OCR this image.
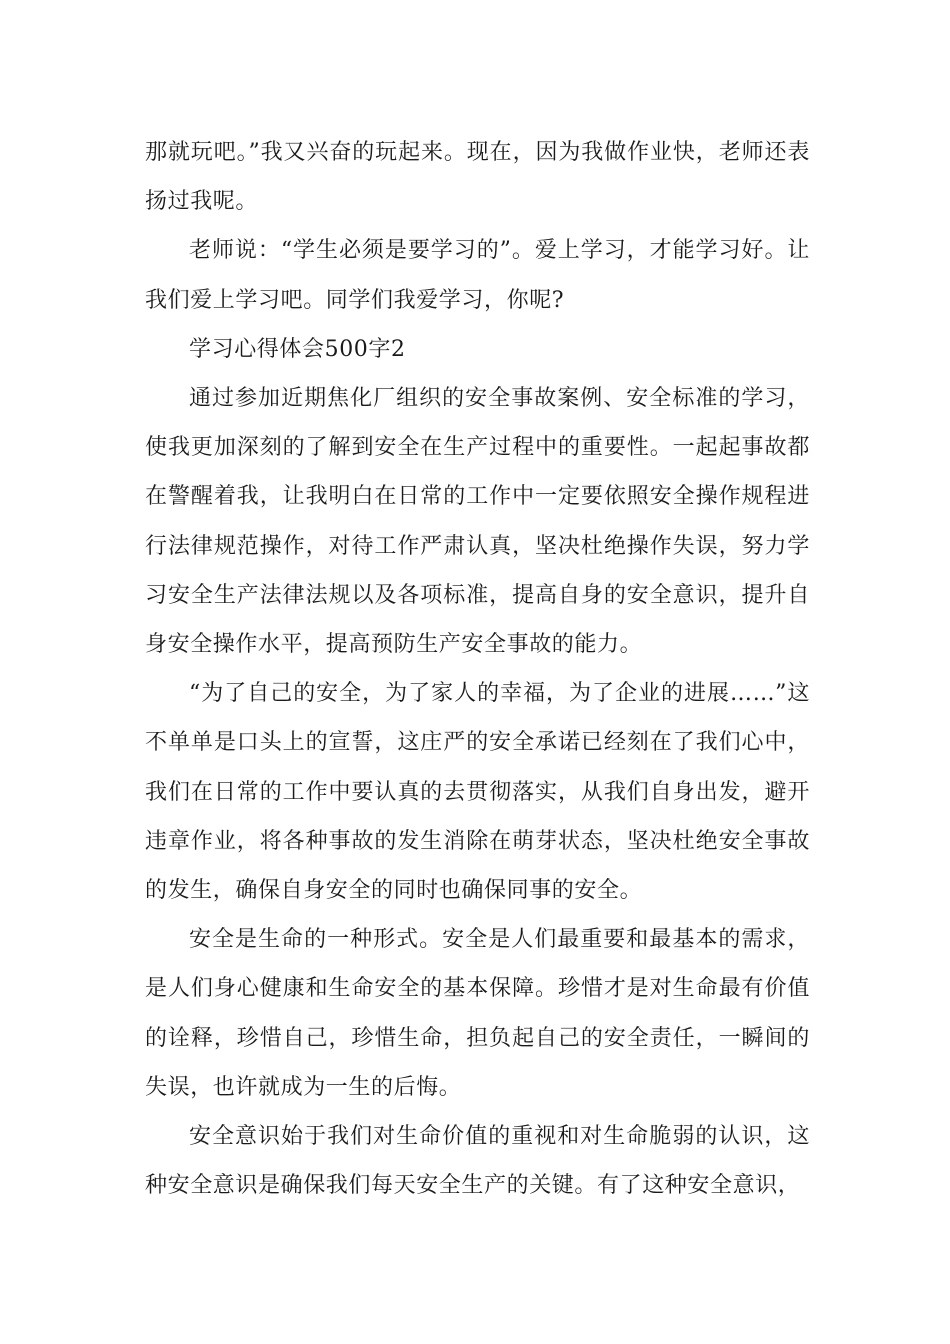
那就玩吧。”我又兴奋的玩起来。现在，因为我做作业快，老师还表扬过我呢。

老师说：“学生必须是要学习的”。爱上学习，才能学习好。让我们爱上学习吧。同学们我爱学习，你呢?

学习心得体会500字2

通过参加近期焦化厂组织的安全事故案例、安全标准的学习，使我更加深刻的了解到安全在生产过程中的重要性。一起起事故都在警醒着我，让我明白在日常的工作中一定要依照安全操作规程进行法律规范操作，对待工作严肃认真，坚决杜绝操作失误，努力学习安全生产法律法规以及各项标准，提高自身的安全意识，提升自身安全操作水平，提高预防生产安全事故的能力。

“为了自己的安全，为了家人的幸福，为了企业的进展……”这不单单是口头上的宣誓，这庄严的安全承诺已经刻在了我们心中，我们在日常的工作中要认真的去贯彻落实，从我们自身出发，避开违章作业，将各种事故的发生消除在萌芽状态，坚决杜绝安全事故的发生，确保自身安全的同时也确保同事的安全。

安全是生命的一种形式。安全是人们最重要和最基本的需求，是人们身心健康和生命安全的基本保障。珍惜才是对生命最有价值的诠释，珍惜自己，珍惜生命，担负起自己的安全责任，一瞬间的失误，也许就成为一生的后悔。

安全意识始于我们对生命价值的重视和对生命脆弱的认识，这种安全意识是确保我们每天安全生产的关键。有了这种安全意识，
